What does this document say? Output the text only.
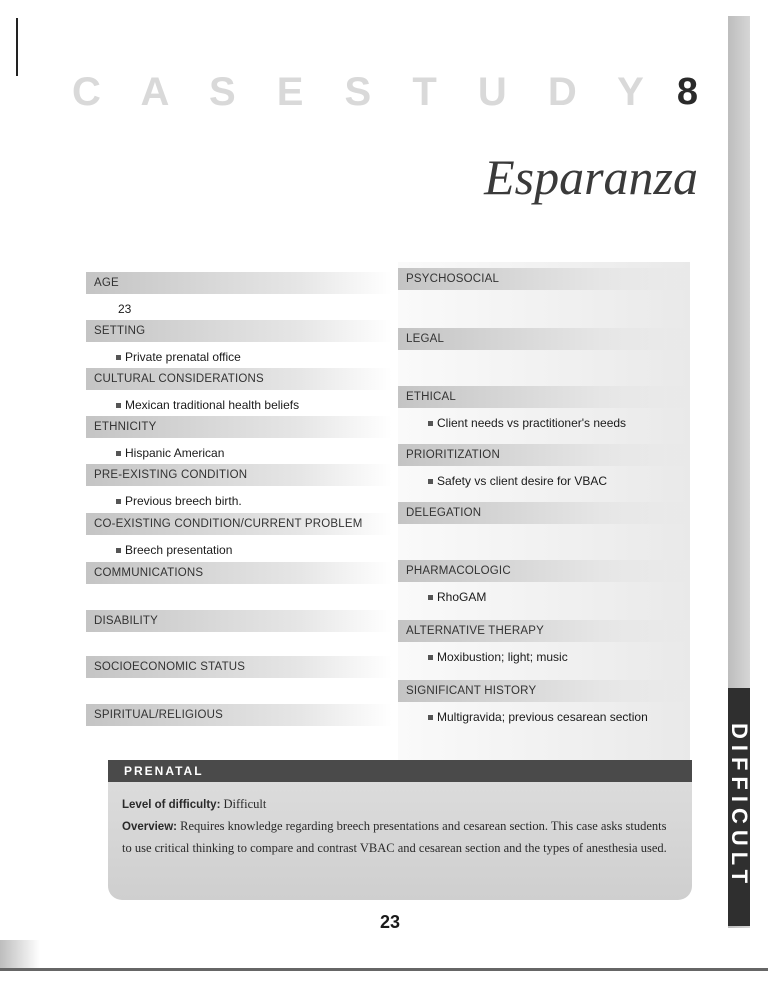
DIFFICULT
C A S E S T U D Y 8
Esparanza
AGE
23
SETTING
Private prenatal office
CULTURAL CONSIDERATIONS
Mexican traditional health beliefs
ETHNICITY
Hispanic American
PRE-EXISTING CONDITION
Previous breech birth.
CO-EXISTING CONDITION/CURRENT PROBLEM
Breech presentation
COMMUNICATIONS
DISABILITY
SOCIOECONOMIC STATUS
SPIRITUAL/RELIGIOUS
PSYCHOSOCIAL
LEGAL
ETHICAL
Client needs vs practitioner's needs
PRIORITIZATION
Safety vs client desire for VBAC
DELEGATION
PHARMACOLOGIC
RhoGAM
ALTERNATIVE THERAPY
Moxibustion; light; music
SIGNIFICANT HISTORY
Multigravida; previous cesarean section
PRENATAL
Level of difficulty: Difficult
Overview: Requires knowledge regarding breech presentations and cesarean section. This case asks students to use critical thinking to compare and contrast VBAC and cesarean section and the types of anesthesia used.
23
